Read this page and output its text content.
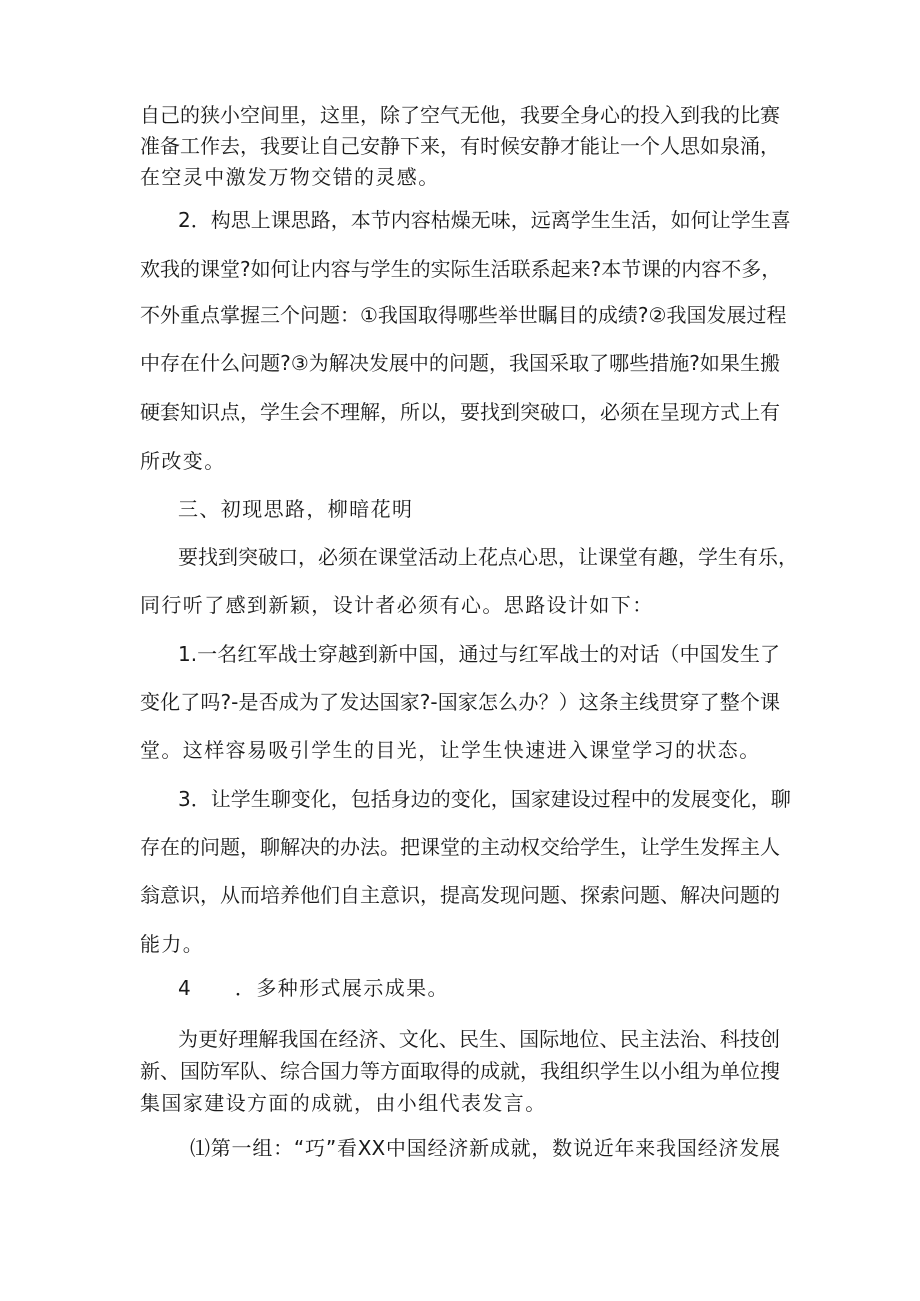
自己的狭小空间里，这里，除了空气无他，我要全身心的投入到我的比赛
准备工作去，我要让自己安静下来，有时候安静才能让一个人思如泉涌，
在空灵中激发万物交错的灵感。
2．构思上课思路，本节内容枯燥无味，远离学生生活，如何让学生喜
欢我的课堂?如何让内容与学生的实际生活联系起来?本节课的内容不多，
不外重点掌握三个问题：①我国取得哪些举世瞩目的成绩?②我国发展过程
中存在什么问题?③为解决发展中的问题，我国采取了哪些措施?如果生搬
硬套知识点，学生会不理解，所以，要找到突破口，必须在呈现方式上有
所改变。
三、初现思路，柳暗花明
要找到突破口，必须在课堂活动上花点心思，让课堂有趣，学生有乐，
同行听了感到新颖，设计者必须有心。思路设计如下：
1.一名红军战士穿越到新中国，通过与红军战士的对话（中国发生了
变化了吗?-是否成为了发达国家?-国家怎么办？）这条主线贯穿了整个课
堂。这样容易吸引学生的目光，让学生快速进入课堂学习的状态。
3．让学生聊变化，包括身边的变化，国家建设过程中的发展变化，聊
存在的问题，聊解决的办法。把课堂的主动权交给学生，让学生发挥主人
翁意识，从而培养他们自主意识，提高发现问题、探索问题、解决问题的
能力。
4　　．多种形式展示成果。
为更好理解我国在经济、文化、民生、国际地位、民主法治、科技创
新、国防军队、综合国力等方面取得的成就，我组织学生以小组为单位搜
集国家建设方面的成就，由小组代表发言。
⑴第一组：“巧”看XX中国经济新成就，数说近年来我国经济发展
